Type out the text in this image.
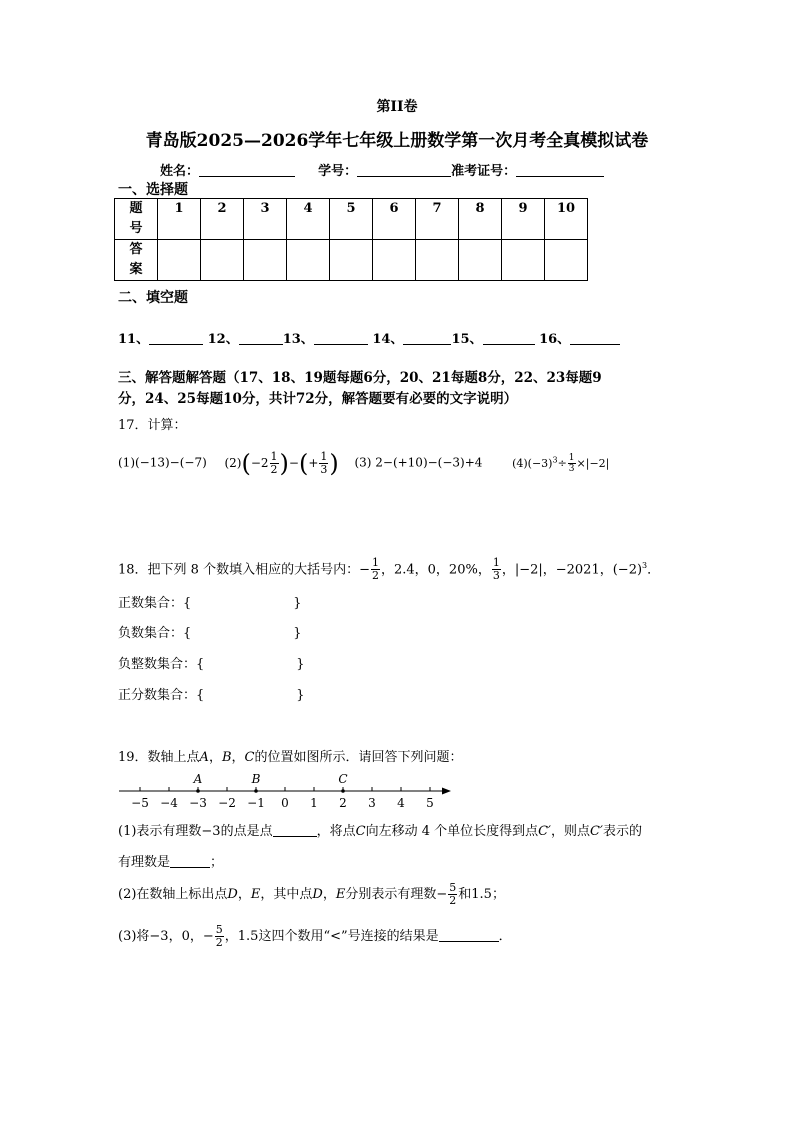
第II卷
青岛版2025—2026学年七年级上册数学第一次月考全真模拟试卷
姓名：	学号：	准考证号：
一、选择题
题
号	1	2	3	4	5	6	7	8	9	10
答
案										
二、填空题
11、	12、	13、	14、	15、	16、
三、解答题解答题（17、18、19题每题6分，20、21每题8分，22、23每题9
分，24、25每题10分，共计72分，解答题要有必要的文字说明）
17．计算：
(1)(−13)−(−7) $(2)(-2 \frac{1}{2}$ )−(+ $\frac{1}{3}$ ) (3) 2−(+10)−(−3)+4	$(4)(-3)^3\div \frac{1}{3} \times|-2|$
18．把下列 8 个数填入相应的大括号内：− $\frac{1}{2}$ ，2.4，0，20%， $\frac{1}{3}$ ，|−2|，−2021，$(-2)^3$．
正数集合：{	}
负数集合：{	}
负整数集合：{	}
正分数集合：{	}
19．数轴上点A，B，C的位置如图所示．请回答下列问题：
−5 −4 −3 −2 −1 0 1 2 3 4 5
A	B	C
(1)表示有理数−3的点是点	，将点C向左移动 4 个单位长度得到点C′，则点C′表示的
有理数是	；
(2)在数轴上标出点D，E，其中点D，E分别表示有理数− $\frac{5}{2}$ 和1.5；
(3)将−3，0，− $\frac{5}{2}$ ，1.5这四个数用“<”号连接的结果是	．
